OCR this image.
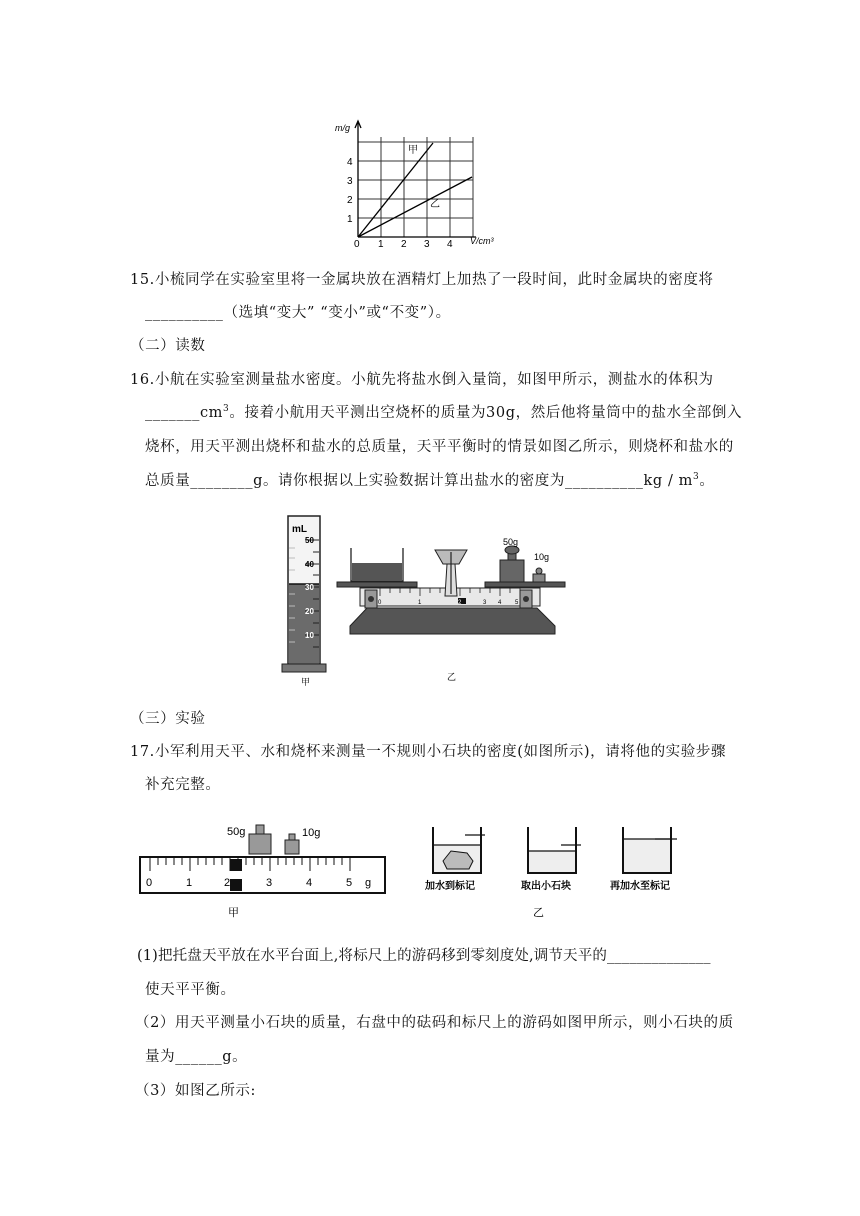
m/g
V/cm³
0 1 2 3 4
1
2
3
4
甲
乙
15.小梳同学在实验室里将一金属块放在酒精灯上加热了一段时间，此时金属块的密度将
__________（选填“变大” “变小”或“不变”）。
（二）读数
16.小航在实验室测量盐水密度。小航先将盐水倒入量筒，如图甲所示，测盐水的体积为
$\_\_\_\_\_\_\_cm^3$。接着小航用天平测出空烧杯的质量为30g，然后他将量筒中的盐水全部倒入
烧杯，用天平测出烧杯和盐水的总质量，天平平衡时的情景如图乙所示，则烧杯和盐水的
总质量________g。请你根据以上实验数据计算出盐水的密度为__________kg / $m^3$。
mL
50
40
30
20
10
甲
50g
10g
0	1	2	3 4 5
乙
（三）实验
17.小军利用天平、水和烧杯来测量一不规则小石块的密度(如图所示)，请将他的实验步骤
补充完整。
50g	10g
0	1	2	3	4	5 g
甲
加水到标记	取出小石块
乙
再加水至标记
(1)把托盘天平放在水平台面上,将标尺上的游码移到零刻度处,调节天平的______________
使天平平衡。
（2）用天平测量小石块的质量，右盘中的砝码和标尺上的游码如图甲所示，则小石块的质
量为______g。
（3）如图乙所示:
